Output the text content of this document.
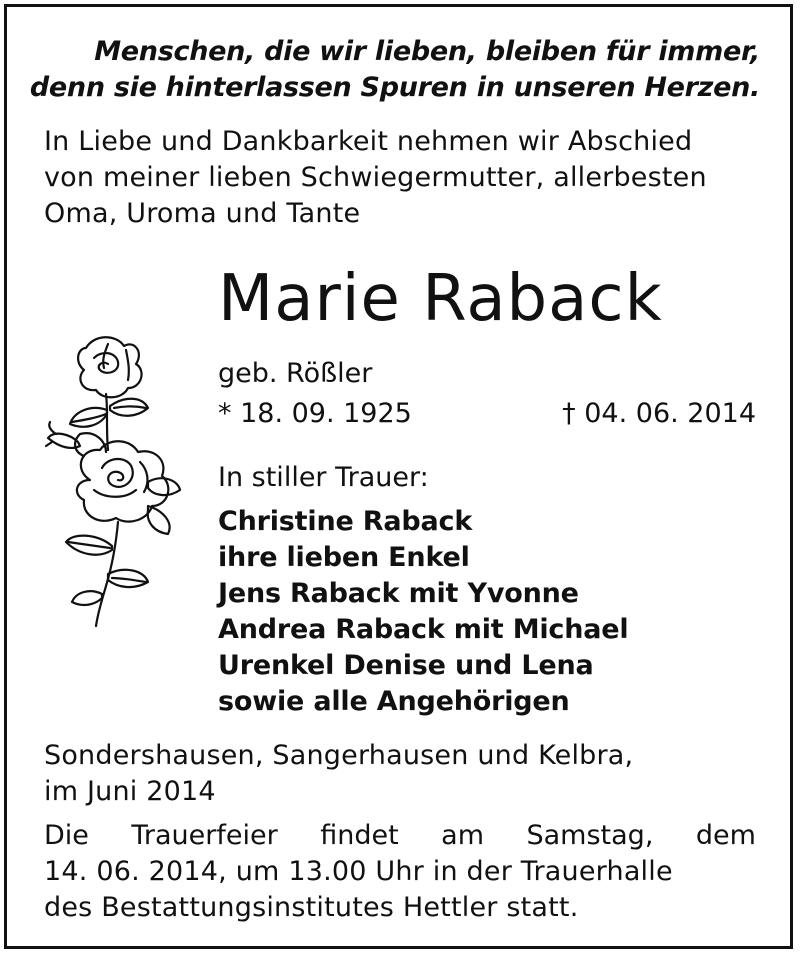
Menschen, die wir lieben, bleiben für immer,
denn sie hinterlassen Spuren in unseren Herzen.
In Liebe und Dankbarkeit nehmen wir Abschied
von meiner lieben Schwiegermutter, allerbesten
Oma, Uroma und Tante
Marie Raback
geb. Rößler
* 18. 09. 1925	† 04. 06. 2014
In stiller Trauer:
Christine Raback
ihre lieben Enkel
Jens Raback mit Yvonne
Andrea Raback mit Michael
Urenkel Denise und Lena
sowie alle Angehörigen
Sondershausen, Sangerhausen und Kelbra,
im Juni 2014
Die Trauerfeier findet am Samstag, dem
14. 06. 2014, um 13.00 Uhr in der Trauerhalle
des Bestattungsinstitutes Hettler statt.
